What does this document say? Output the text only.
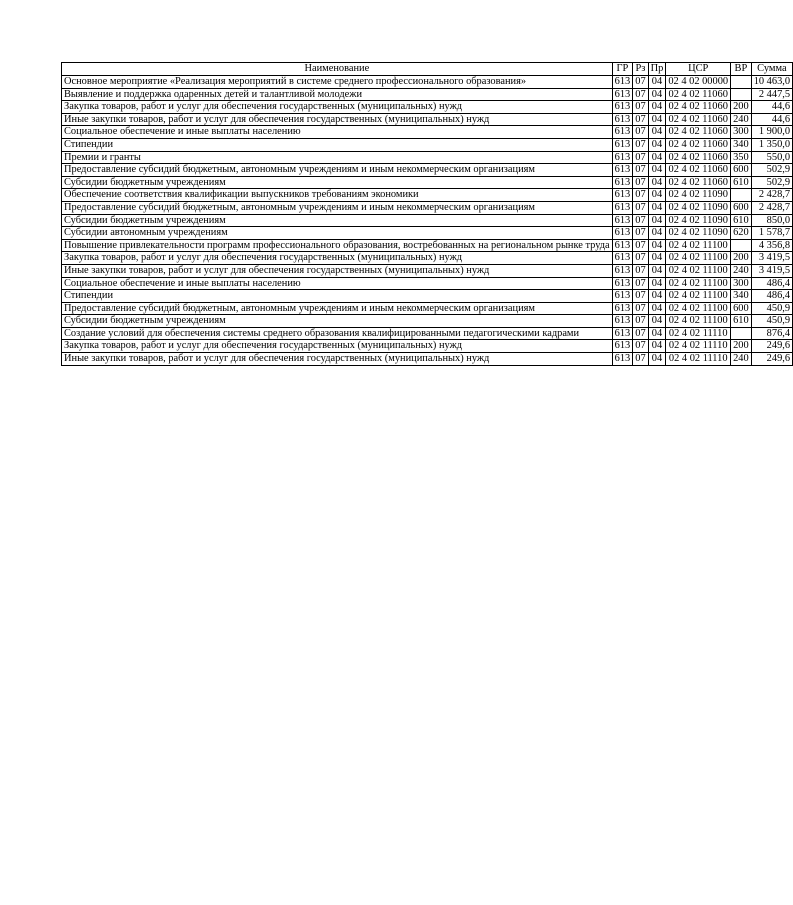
Наименование	ГР	Рз	Пр	ЦСР	ВР	Сумма
Основное мероприятие «Реализация мероприятий в системе среднего профессионального образования»	613	07	04	02 4 02 00000		10 463,0
Выявление и поддержка одаренных детей и талантливой молодежи	613	07	04	02 4 02 11060		2 447,5
Закупка товаров, работ и услуг для обеспечения государственных (муниципальных) нужд	613	07	04	02 4 02 11060	200	44,6
Иные закупки товаров, работ и услуг для обеспечения государственных (муниципальных) нужд	613	07	04	02 4 02 11060	240	44,6
Социальное обеспечение и иные выплаты населению	613	07	04	02 4 02 11060	300	1 900,0
Стипендии	613	07	04	02 4 02 11060	340	1 350,0
Премии и гранты	613	07	04	02 4 02 11060	350	550,0
Предоставление субсидий бюджетным, автономным учреждениям и иным некоммерческим организациям	613	07	04	02 4 02 11060	600	502,9
Субсидии бюджетным учреждениям	613	07	04	02 4 02 11060	610	502,9
Обеспечение соответствия квалификации выпускников требованиям экономики	613	07	04	02 4 02 11090		2 428,7
Предоставление субсидий бюджетным, автономным учреждениям и иным некоммерческим организациям	613	07	04	02 4 02 11090	600	2 428,7
Субсидии бюджетным учреждениям	613	07	04	02 4 02 11090	610	850,0
Субсидии автономным учреждениям	613	07	04	02 4 02 11090	620	1 578,7
Повышение привлекательности программ профессионального образования, востребованных на региональном рынке труда	613	07	04	02 4 02 11100		4 356,8
Закупка товаров, работ и услуг для обеспечения государственных (муниципальных) нужд	613	07	04	02 4 02 11100	200	3 419,5
Иные закупки товаров, работ и услуг для обеспечения государственных (муниципальных) нужд	613	07	04	02 4 02 11100	240	3 419,5
Социальное обеспечение и иные выплаты населению	613	07	04	02 4 02 11100	300	486,4
Стипендии	613	07	04	02 4 02 11100	340	486,4
Предоставление субсидий бюджетным, автономным учреждениям и иным некоммерческим организациям	613	07	04	02 4 02 11100	600	450,9
Субсидии бюджетным учреждениям	613	07	04	02 4 02 11100	610	450,9
Создание условий для обеспечения системы среднего образования квалифицированными педагогическими кадрами	613	07	04	02 4 02 11110		876,4
Закупка товаров, работ и услуг для обеспечения государственных (муниципальных) нужд	613	07	04	02 4 02 11110	200	249,6
Иные закупки товаров, работ и услуг для обеспечения государственных (муниципальных) нужд	613	07	04	02 4 02 11110	240	249,6
